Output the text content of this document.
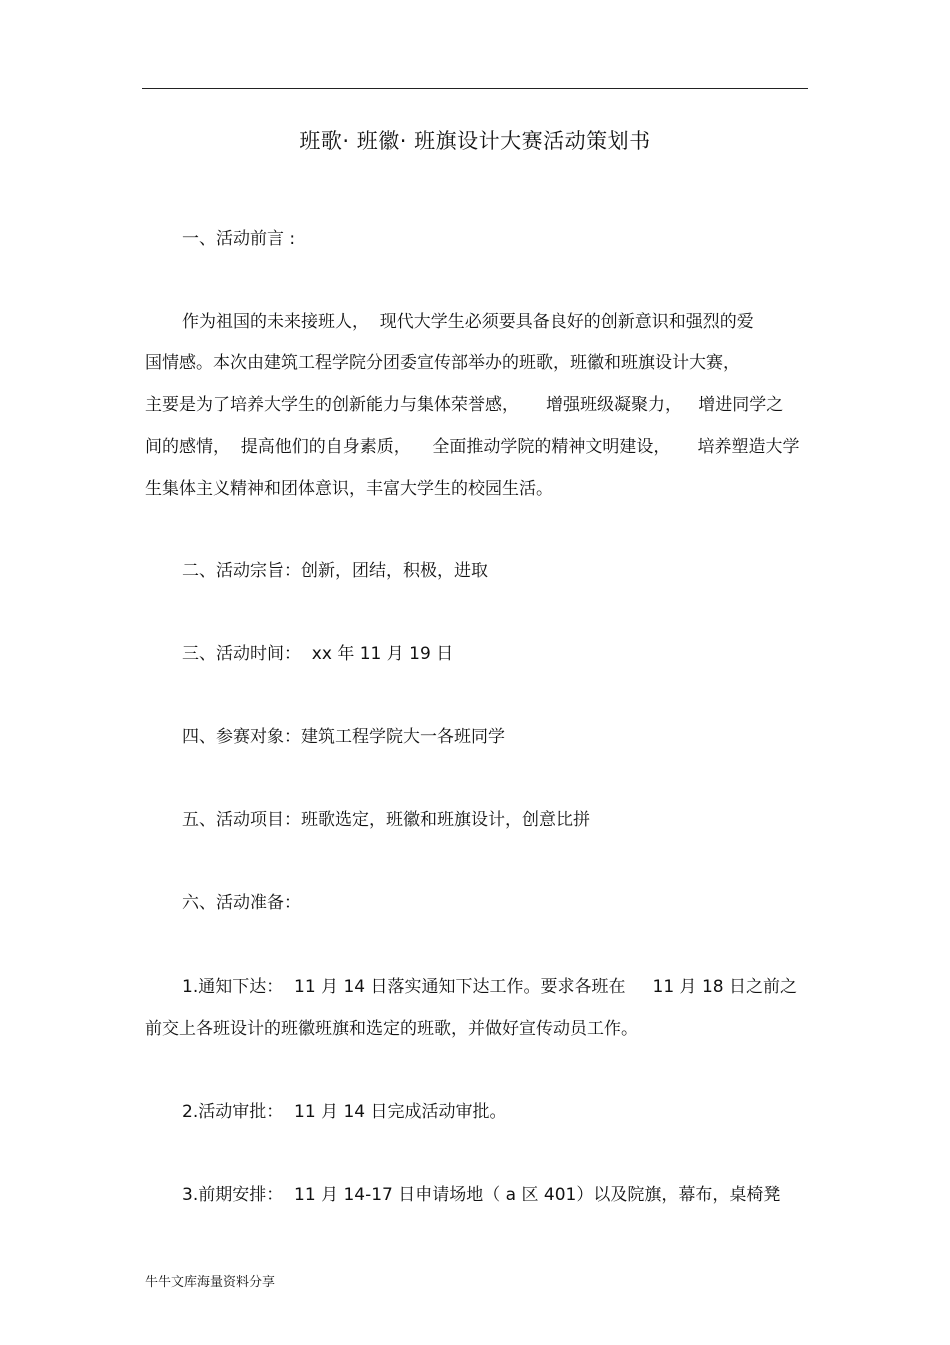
班歌· 班徽· 班旗设计大赛活动策划书
一、活动前言 :
作为祖国的未来接班人，  现代大学生必须要具备良好的创新意识和强烈的爱
国情感。本次由建筑工程学院分团委宣传部举办的班歌，班徽和班旗设计大赛，
主要是为了培养大学生的创新能力与集体荣誉感，     增强班级凝聚力，   增进同学之
间的感情，  提高他们的自身素质，    全面推动学院的精神文明建设，     培养塑造大学
生集体主义精神和团体意识，丰富大学生的校园生活。
二、活动宗旨：创新，团结，积极，进取
三、活动时间：  xx 年 11 月 19 日
四、参赛对象：建筑工程学院大一各班同学
五、活动项目：班歌选定，班徽和班旗设计，创意比拼
六、活动准备：
1.通知下达：  11 月 14 日落实通知下达工作。要求各班在     11 月 18 日之前之
前交上各班设计的班徽班旗和选定的班歌，并做好宣传动员工作。
2.活动审批：  11 月 14 日完成活动审批。
3.前期安排：  11 月 14-17 日申请场地（ a 区 401）以及院旗，幕布，桌椅凳
牛牛文库海量资料分享
